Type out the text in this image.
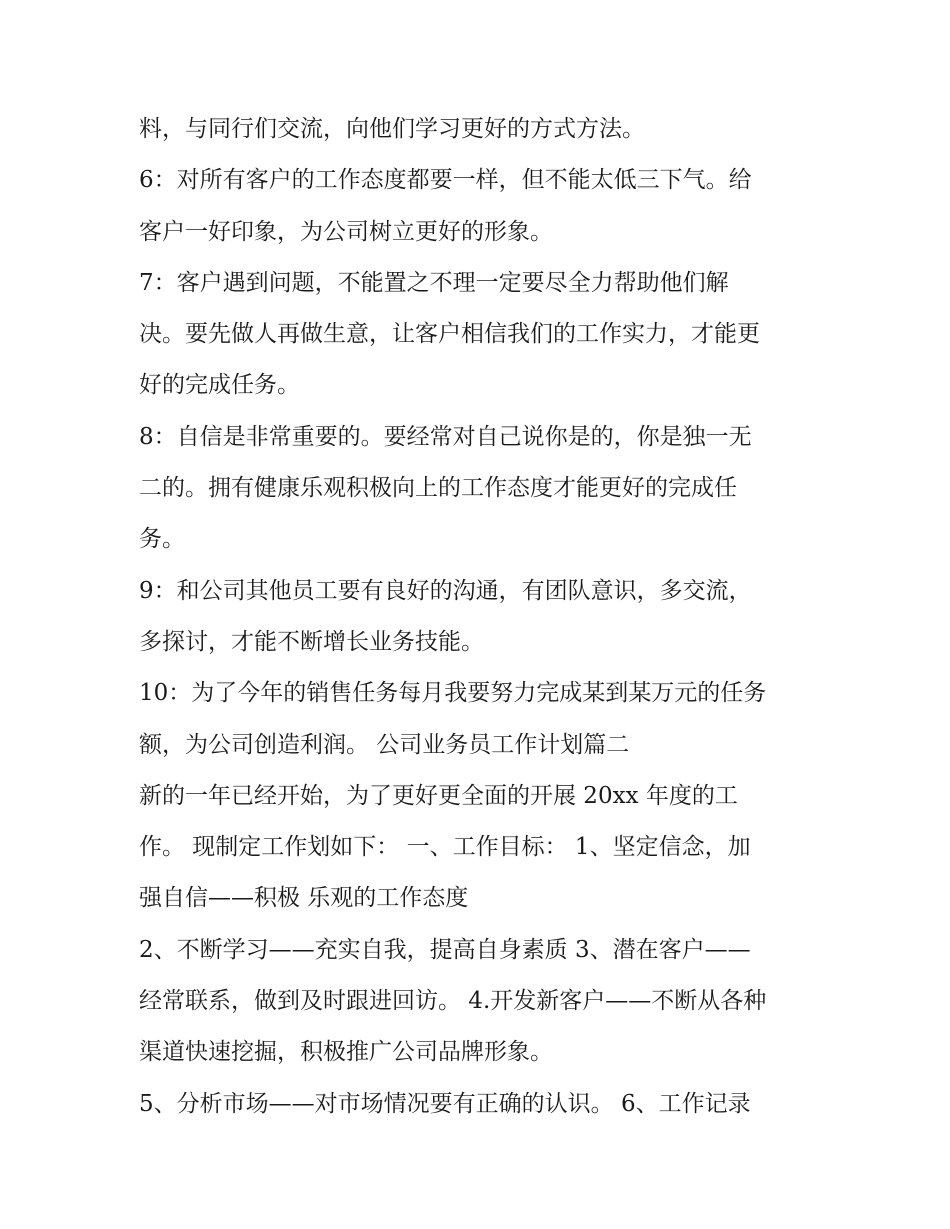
料，与同行们交流，向他们学习更好的方式方法。
6：对所有客户的工作态度都要一样，但不能太低三下气。给
客户一好印象，为公司树立更好的形象。
7：客户遇到问题，不能置之不理一定要尽全力帮助他们解
决。要先做人再做生意，让客户相信我们的工作实力，才能更
好的完成任务。
8：自信是非常重要的。要经常对自己说你是的，你是独一无
二的。拥有健康乐观积极向上的工作态度才能更好的完成任
务。
9：和公司其他员工要有良好的沟通，有团队意识，多交流，
多探讨，才能不断增长业务技能。
10：为了今年的销售任务每月我要努力完成某到某万元的任务
额，为公司创造利润。 公司业务员工作计划篇二
新的一年已经开始，为了更好更全面的开展 20xx 年度的工
作。 现制定工作划如下： 一、工作目标： 1、坚定信念，加
强自信——积极 乐观的工作态度
2、不断学习——充实自我，提高自身素质 3、潜在客户——
经常联系，做到及时跟进回访。 4.开发新客户——不断从各种
渠道快速挖掘，积极推广公司品牌形象。
5、分析市场——对市场情况要有正确的认识。 6、工作记录
